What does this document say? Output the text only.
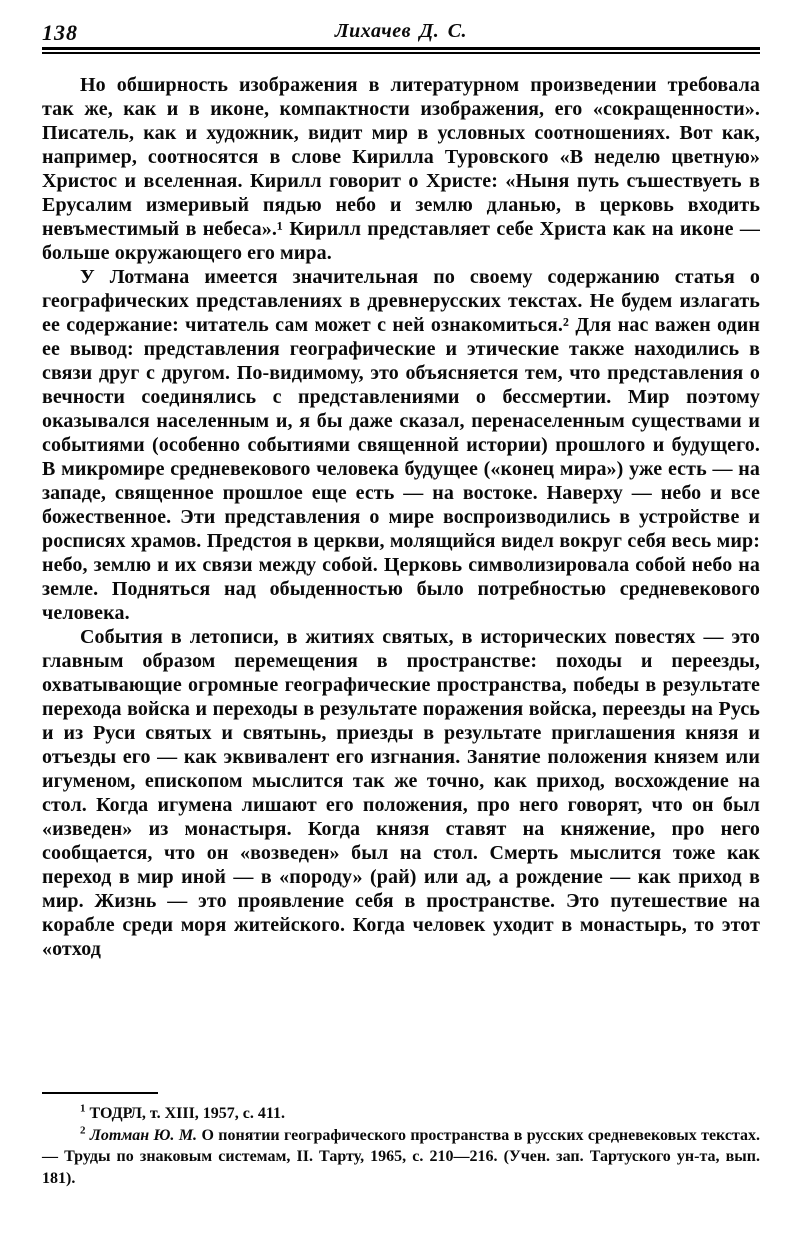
138	Лихачев Д. С.

Но обширность изображения в литературном произведении требовала так же, как и в иконе, компактности изображения, его «сокращенности». Писатель, как и художник, видит мир в условных соотношениях. Вот как, например, соотносятся в слове Кирилла Туровского «В неделю цветную» Христос и вселенная. Кирилл говорит о Христе: «Ныня путь съшествуеть в Ерусалим измеривый пядью небо и землю дланью, в церковь входить невъместимый в небеса».¹ Кирилл представляет себе Христа как на иконе — больше окружающего его мира.

У Лотмана имеется значительная по своему содержанию статья о географических представлениях в древнерусских текстах. Не будем излагать ее содержание: читатель сам может с ней ознакомиться.² Для нас важен один ее вывод: представления географические и этические также находились в связи друг с другом. По-видимому, это объясняется тем, что представления о вечности соединялись с представлениями о бессмертии. Мир поэтому оказывался населенным и, я бы даже сказал, перенаселенным существами и событиями (особенно событиями священной истории) прошлого и будущего. В микромире средневекового человека будущее («конец мира») уже есть — на западе, священное прошлое еще есть — на востоке. Наверху — небо и все божественное. Эти представления о мире воспроизводились в устройстве и росписях храмов. Предстоя в церкви, молящийся видел вокруг себя весь мир: небо, землю и их связи между собой. Церковь символизировала собой небо на земле. Подняться над обыденностью было потребностью средневекового человека.

События в летописи, в житиях святых, в исторических повестях — это главным образом перемещения в пространстве: походы и переезды, охватывающие огромные географические пространства, победы в результате перехода войска и переходы в результате поражения войска, переезды на Русь и из Руси святых и святынь, приезды в результате приглашения князя и отъезды его — как эквивалент его изгнания. Занятие положения князем или игуменом, епископом мыслится так же точно, как приход, восхождение на стол. Когда игумена лишают его положения, про него говорят, что он был «изведен» из монастыря. Когда князя ставят на княжение, про него сообщается, что он «возведен» был на стол. Смерть мыслится тоже как переход в мир иной — в «породу» (рай) или ад, а рождение — как приход в мир. Жизнь — это проявление себя в пространстве. Это путешествие на корабле среди моря житейского. Когда человек уходит в монастырь, то этот «отход

$^1$ ТОДРЛ, т. XIII, 1957, с. 411.

$^2$ Лотман Ю. М. О понятии географического пространства в русских средневековых текстах. — Труды по знаковым системам, II. Тарту, 1965, с. 210—216. (Учен. зап. Тартуского ун-та, вып. 181).
